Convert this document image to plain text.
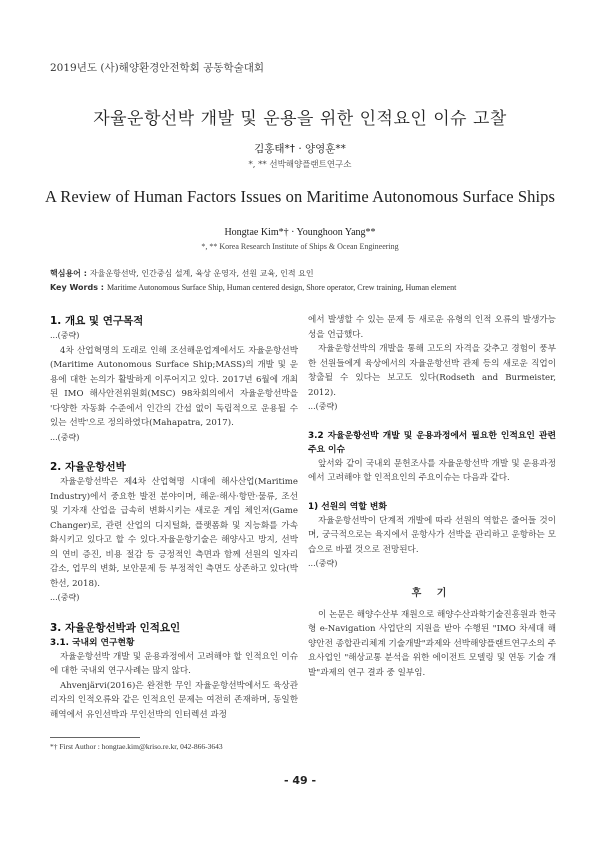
2019년도 (사)해양환경안전학회 공동학술대회
자율운항선박 개발 및 운용을 위한 인적요인 이슈 고찰
김홍태*† · 양영훈**
*, ** 선박해양플랜트연구소
A Review of Human Factors Issues on Maritime Autonomous Surface Ships
Hongtae Kim*† · Younghoon Yang**
*, ** Korea Research Institute of Ships & Ocean Engineering
핵심용어 : 자율운항선박, 인간중심 설계, 육상 운영자, 선원 교육, 인적 요인
Key Words : Maritime Autonomous Surface Ship, Human centered design, Shore operator, Crew training, Human element
1. 개요 및 연구목적

...(중략)

4차 산업혁명의 도래로 인해 조선해운업계에서도 자율운항선박(Maritime Autonomous Surface Ship;MASS)의 개발 및 운용에 대한 논의가 활발하게 이루어지고 있다. 2017년 6월에 개최된 IMO 해사안전위원회(MSC) 98차회의에서 자율운항선박을 '다양한 자동화 수준에서 인간의 간섭 없이 독립적으로 운용될 수 있는 선박'으로 정의하였다(Mahapatra, 2017).

...(중략)

2. 자율운항선박

자율운항선박은 제4차 산업혁명 시대에 해사산업(Maritime Industry)에서 중요한 발전 분야이며, 해운·해사·항만·물류, 조선 및 기자재 산업을 급속히 변화시키는 새로운 게임 체인저(Game Changer)로, 관련 산업의 디지털화, 플랫폼화 및 지능화를 가속화시키고 있다고 할 수 있다.자율운항기술은 해양사고 방지, 선박의 연비 증진, 비용 절감 등 긍정적인 측면과 함께 선원의 일자리 감소, 업무의 변화, 보안문제 등 부정적인 측면도 상존하고 있다(박한선, 2018).

...(중략)

3. 자율운항선박과 인적요인
3.1. 국내외 연구현황

자율운항선박 개발 및 운용과정에서 고려해야 할 인적요인 이슈에 대한 국내외 연구사례는 많지 않다.

Ahvenjärvi(2016)은 완전한 무인 자율운항선박에서도 육상관리자의 인적오류와 같은 인적요인 문제는 여전히 존재하며, 동일한 해역에서 유인선박과 무인선박의 인터렉션 과정

에서 발생할 수 있는 문제 등 새로운 유형의 인적 오류의 발생가능성을 언급했다.

자율운항선박의 개발을 통해 고도의 자격을 갖추고 경험이 풍부한 선원들에게 육상에서의 자율운항선박 관제 등의 새로운 직업이 창출될 수 있다는 보고도 있다(Rodseth and Burmeister, 2012).

...(중략)

3.2 자율운항선박 개발 및 운용과정에서 필요한 인적요인 관련 주요 이슈

앞서와 같이 국내외 문헌조사를 자율운항선박 개발 및 운용과정에서 고려해야 할 인적요인의 주요이슈는 다음과 같다.

1) 선원의 역할 변화

자율운항선박이 단계적 개발에 따라 선원의 역할은 줄어들 것이며, 궁극적으로는 육지에서 운항사가 선박을 관리하고 운항하는 모습으로 바뀔 것으로 전망된다.

...(중략)

후 기

이 논문은 해양수산부 재원으로 해양수산과학기술진흥원과 한국형 e-Navigation 사업단의 지원을 받아 수행된 "IMO 차세대 해양안전 종합관리체계 기술개발"과제와 선박해양플랜트연구소의 주요사업인 "해상교통 분석을 위한 에이전트 모델링 및 연동 기술 개발"과제의 연구 결과 중 일부임.

*† First Author : hongtae.kim@kriso.re.kr, 042-866-3643
- 49 -
